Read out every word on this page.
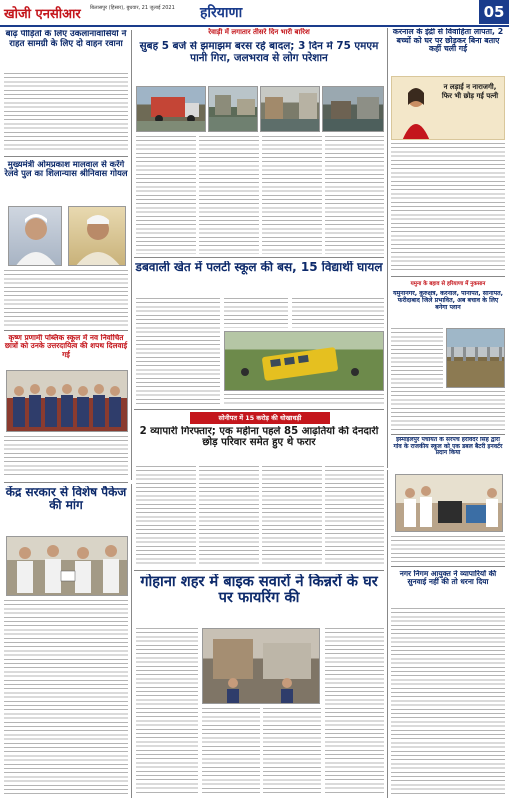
खोजी एनसीआर	बिलासपुर (हिसार), बुधवार, 21 जुलाई 2021 हरियाणा	05
बाढ़ पीड़ितों के लिए उकलानावासियों ने राहत सामग्री के लिए दो वाहन रवाना
मुख्यमंत्री ओमप्रकाश मालवाल से करेंगे रेलवे पुल का शिलान्यास श्रीनिवास गोयल
रेवाड़ी में लगातार तीसरे दिन भारी बारिश
सुबह 5 बजे से झमाझम बरस रहे बादल; 3 दिन में 75 एमएम पानी गिरा, जलभराव से लोग परेशान
डबवाली खेत में पलटी स्कूल की बस, 15 विद्यार्थी घायल
करनाल के इंद्री से विवाहिता लापता, 2 बच्चों को घर पर छोड़कर बिना बताए कहीं चली गई
न लड़ाई न नाराजगी, फिर भी छोड़ गई पत्नी
यमुना के बहाव से हरियाणा में नुकसान
कृष्ण प्रणामी पब्लिक स्कूल में नव निर्वाचित छात्रों को उनके उत्तरदायित्व की शपथ दिलवाई गई
यमुनानगर, कुरुक्षेत्र, करनाल, पानीपत, सोनीपत, फरीदाबाद जिले प्रभावित, अब बचाव के लिए बनेगा प्लान
इस्माईलपुर पंचायत के सरपंच हरविंदर सिंह द्वारा गांव के राजकीय स्कूल को एक डबल बैटरी इनवर्टर प्रदान किया
सोनीपत में 15 करोड़ की धोखाधड़ी
2 व्यापारी गिरफ्तार; एक महीना पहले 85 आढ़तियों की देनदारी छोड़ परिवार समेत हुए थे फरार
केंद्र सरकार से विशेष पैकेज की मांग
गोहाना शहर में बाइक सवारों ने किन्नरों के घर पर फायरिंग की
नगर निगम आयुक्त ने व्यापारियों की सुनवाई नहीं की तो धरना दिया
